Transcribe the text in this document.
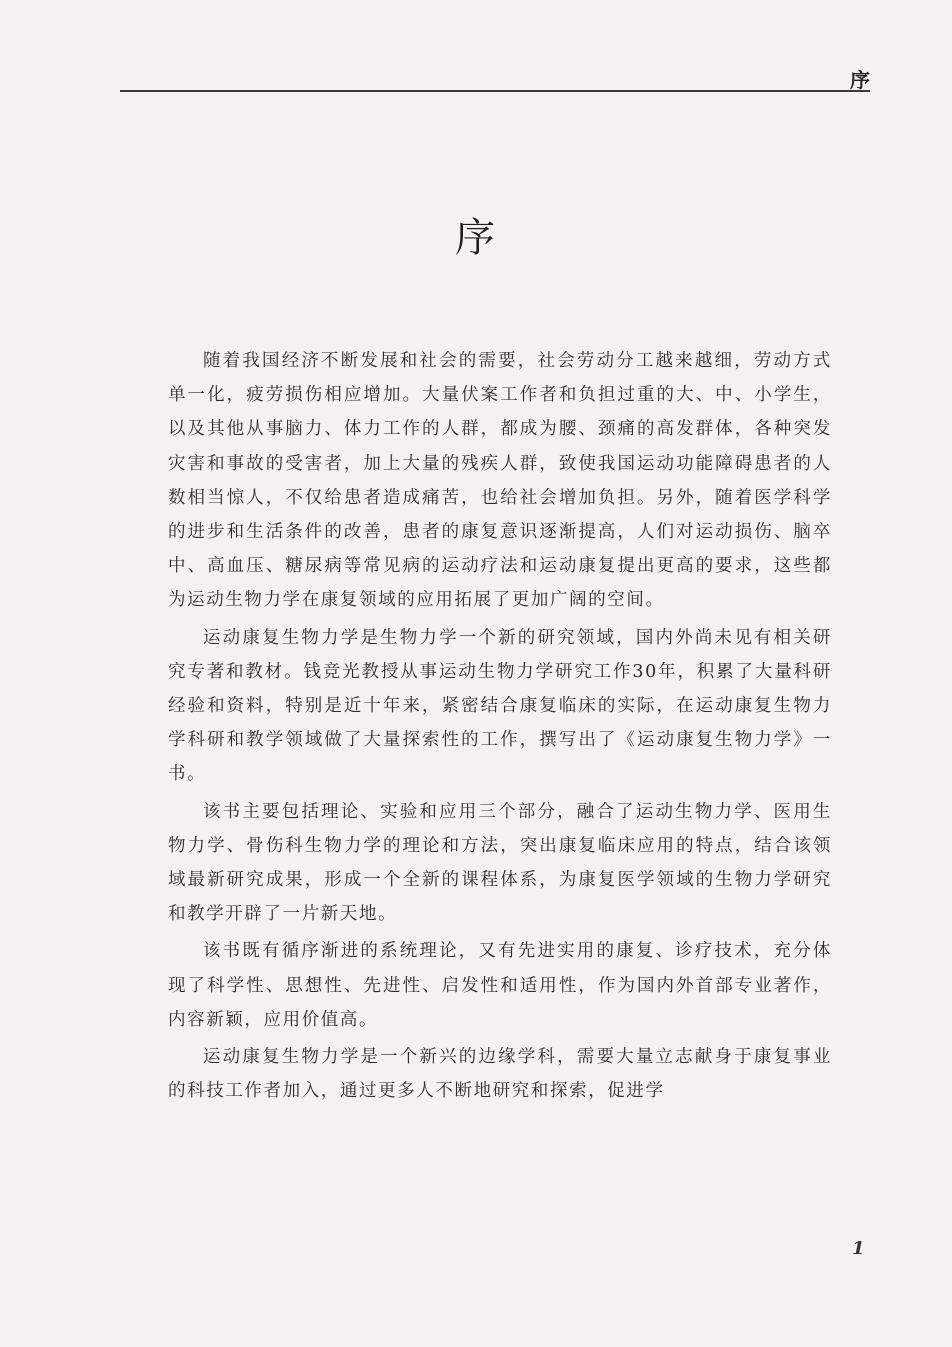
序
序

随着我国经济不断发展和社会的需要，社会劳动分工越来越细，劳动方式单一化，疲劳损伤相应增加。大量伏案工作者和负担过重的大、中、小学生，以及其他从事脑力、体力工作的人群，都成为腰、颈痛的高发群体，各种突发灾害和事故的受害者，加上大量的残疾人群，致使我国运动功能障碍患者的人数相当惊人，不仅给患者造成痛苦，也给社会增加负担。另外，随着医学科学的进步和生活条件的改善，患者的康复意识逐渐提高，人们对运动损伤、脑卒中、高血压、糖尿病等常见病的运动疗法和运动康复提出更高的要求，这些都为运动生物力学在康复领域的应用拓展了更加广阔的空间。

运动康复生物力学是生物力学一个新的研究领域，国内外尚未见有相关研究专著和教材。钱竞光教授从事运动生物力学研究工作30年，积累了大量科研经验和资料，特别是近十年来，紧密结合康复临床的实际，在运动康复生物力学科研和教学领域做了大量探索性的工作，撰写出了《运动康复生物力学》一书。

该书主要包括理论、实验和应用三个部分，融合了运动生物力学、医用生物力学、骨伤科生物力学的理论和方法，突出康复临床应用的特点，结合该领域最新研究成果，形成一个全新的课程体系，为康复医学领域的生物力学研究和教学开辟了一片新天地。

该书既有循序渐进的系统理论，又有先进实用的康复、诊疗技术，充分体现了科学性、思想性、先进性、启发性和适用性，作为国内外首部专业著作，内容新颖，应用价值高。

运动康复生物力学是一个新兴的边缘学科，需要大量立志献身于康复事业的科技工作者加入，通过更多人不断地研究和探索，促进学

1
